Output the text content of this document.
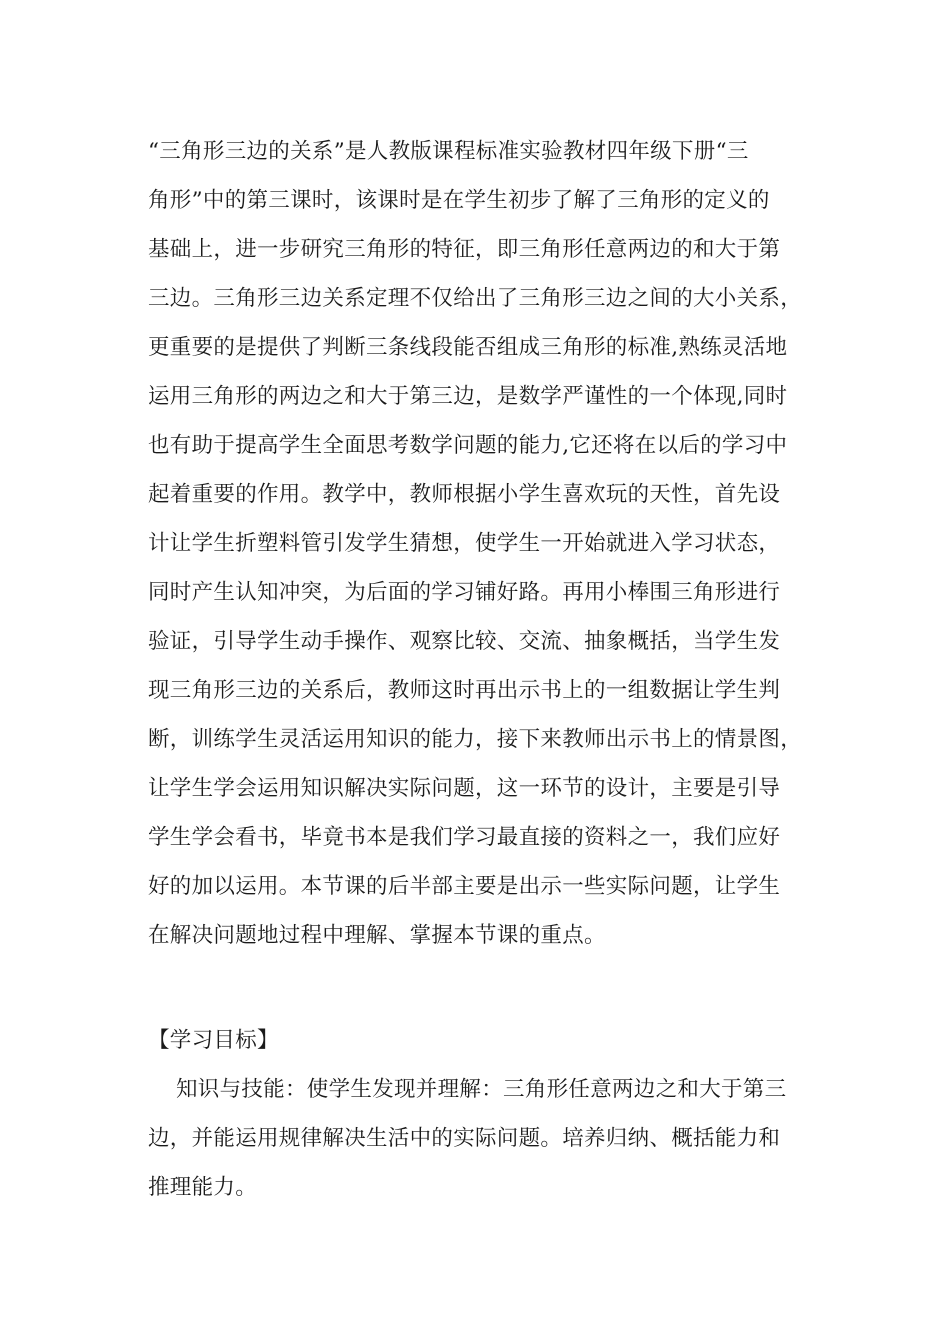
“三角形三边的关系”是人教版课程标准实验教材四年级下册“三
角形”中的第三课时，该课时是在学生初步了解了三角形的定义的
基础上，进一步研究三角形的特征，即三角形任意两边的和大于第
三边。三角形三边关系定理不仅给出了三角形三边之间的大小关系，
更重要的是提供了判断三条线段能否组成三角形的标准,熟练灵活地
运用三角形的两边之和大于第三边，是数学严谨性的一个体现,同时
也有助于提高学生全面思考数学问题的能力,它还将在以后的学习中
起着重要的作用。教学中，教师根据小学生喜欢玩的天性，首先设
计让学生折塑料管引发学生猜想，使学生一开始就进入学习状态，
同时产生认知冲突，为后面的学习铺好路。再用小棒围三角形进行
验证，引导学生动手操作、观察比较、交流、抽象概括，当学生发
现三角形三边的关系后，教师这时再出示书上的一组数据让学生判
断，训练学生灵活运用知识的能力，接下来教师出示书上的情景图，
让学生学会运用知识解决实际问题，这一环节的设计，主要是引导
学生学会看书，毕竟书本是我们学习最直接的资料之一，我们应好
好的加以运用。本节课的后半部主要是出示一些实际问题，让学生
在解决问题地过程中理解、掌握本节课的重点。
【学习目标】
知识与技能：使学生发现并理解：三角形任意两边之和大于第三
边，并能运用规律解决生活中的实际问题。培养归纳、概括能力和
推理能力。
